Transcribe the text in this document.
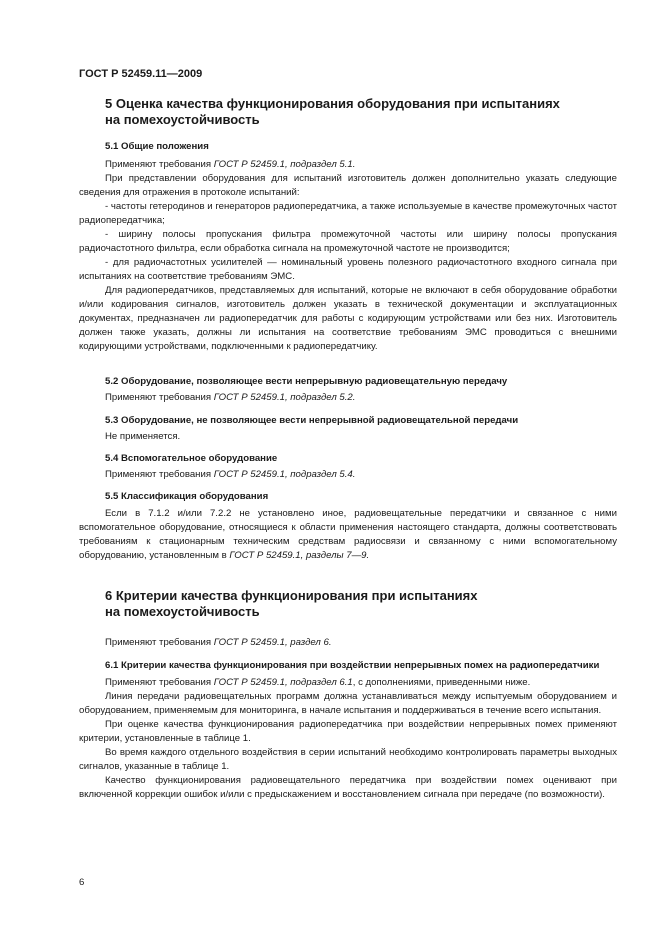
ГОСТ Р 52459.11—2009

5 Оценка качества функционирования оборудования при испытаниях

на помехоустойчивость

5.1 Общие положения

Применяют требования ГОСТ Р 52459.1, подраздел 5.1.

При представлении оборудования для испытаний изготовитель должен дополнительно указать следующие сведения для отражения в протоколе испытаний:

- частоты гетеродинов и генераторов радиопередатчика, а также используемые в качестве промежуточных частот радиопередатчика;

- ширину полосы пропускания фильтра промежуточной частоты или ширину полосы пропускания радиочастотного фильтра, если обработка сигнала на промежуточной частоте не производится;

- для радиочастотных усилителей — номинальный уровень полезного радиочастотного входного сигнала при испытаниях на соответствие требованиям ЭМС.

Для радиопередатчиков, представляемых для испытаний, которые не включают в себя оборудование обработки и/или кодирования сигналов, изготовитель должен указать в технической документации и эксплуатационных документах, предназначен ли радиопередатчик для работы с кодирующим устройствами или без них. Изготовитель должен также указать, должны ли испытания на соответствие требованиям ЭМС проводиться с внешними кодирующими устройствами, подключенными к радиопередатчику.

5.2 Оборудование, позволяющее вести непрерывную радиовещательную передачу

Применяют требования ГОСТ Р 52459.1, подраздел 5.2.

5.3 Оборудование, не позволяющее вести непрерывной радиовещательной передачи

Не применяется.

5.4 Вспомогательное оборудование

Применяют требования ГОСТ Р 52459.1, подраздел 5.4.

5.5 Классификация оборудования

Если в 7.1.2 и/или 7.2.2 не установлено иное, радиовещательные передатчики и связанное с ними вспомогательное оборудование, относящиеся к области применения настоящего стандарта, должны соответствовать требованиям к стационарным техническим средствам радиосвязи и связанному с ними вспомогательному оборудованию, установленным в ГОСТ Р 52459.1, разделы 7—9.

6 Критерии качества функционирования при испытаниях

на помехоустойчивость

Применяют требования ГОСТ Р 52459.1, раздел 6.

6.1 Критерии качества функционирования при воздействии непрерывных помех на радиопередатчики

Применяют требования ГОСТ Р 52459.1, подраздел 6.1, с дополнениями, приведенными ниже.

Линия передачи радиовещательных программ должна устанавливаться между испытуемым оборудованием и оборудованием, применяемым для мониторинга, в начале испытания и поддерживаться в течение всего испытания.

При оценке качества функционирования радиопередатчика при воздействии непрерывных помех применяют критерии, установленные в таблице 1.

Во время каждого отдельного воздействия в серии испытаний необходимо контролировать параметры выходных сигналов, указанные в таблице 1.

Качество функционирования радиовещательного передатчика при воздействии помех оценивают при включенной коррекции ошибок и/или с предыскажением и восстановлением сигнала при передаче (по возможности).

6
